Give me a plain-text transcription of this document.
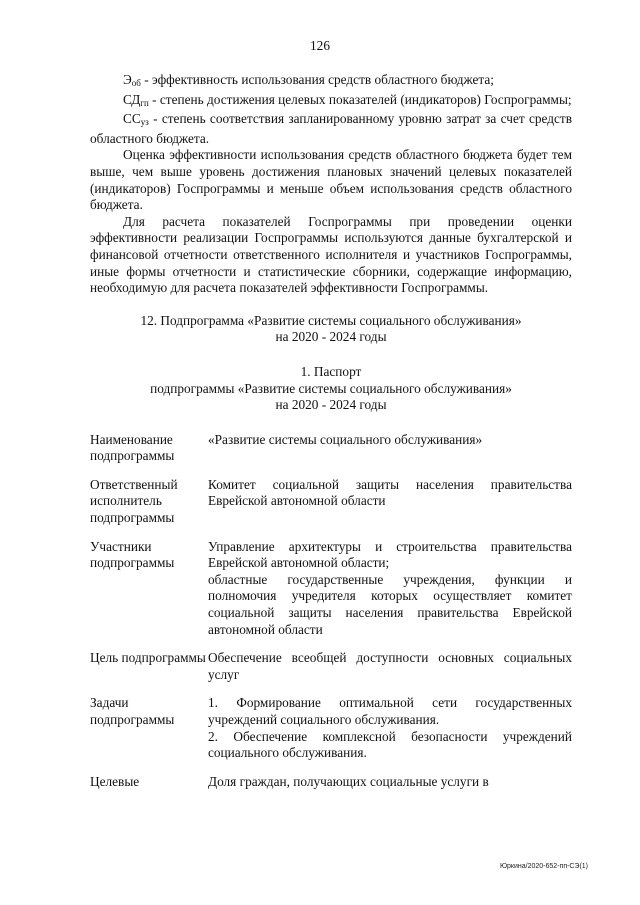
126

$Э_{об}$ - эффективность использования средств областного бюджета;

$СД_{гп}$ - степень достижения целевых показателей (индикаторов) Госпрограммы;

$СС_{уз}$ - степень соответствия запланированному уровню затрат за счет средств областного бюджета.

Оценка эффективности использования средств областного бюджета будет тем выше, чем выше уровень достижения плановых значений целевых показателей (индикаторов) Госпрограммы и меньше объем использования средств областного бюджета.

Для расчета показателей Госпрограммы при проведении оценки эффективности реализации Госпрограммы используются данные бухгалтерской и финансовой отчетности ответственного исполнителя и участников Госпрограммы, иные формы отчетности и статистические сборники, содержащие информацию, необходимую для расчета показателей эффективности Госпрограммы.

12. Подпрограмма «Развитие системы социального обслуживания»

на 2020 - 2024 годы

1. Паспорт

подпрограммы «Развитие системы социального обслуживания»

на 2020 - 2024 годы

Наименование подпрограммы	«Развитие системы социального обслуживания»

Ответственный исполнитель подпрограммы	Комитет социальной защиты населения правительства Еврейской автономной области

Участники подпрограммы	Управление архитектуры и строительства правительства Еврейской автономной области;
областные государственные учреждения, функции и полномочия учредителя которых осуществляет комитет социальной защиты населения правительства Еврейской автономной области

Цель подпрограммы	Обеспечение всеобщей доступности основных социальных услуг

Задачи подпрограммы	1. Формирование оптимальной сети государственных учреждений социального обслуживания.
2. Обеспечение комплексной безопасности учреждений социального обслуживания.

Целевые	Доля граждан, получающих социальные услуги в
Юркина/2020-652-пп-СЭ(1)
